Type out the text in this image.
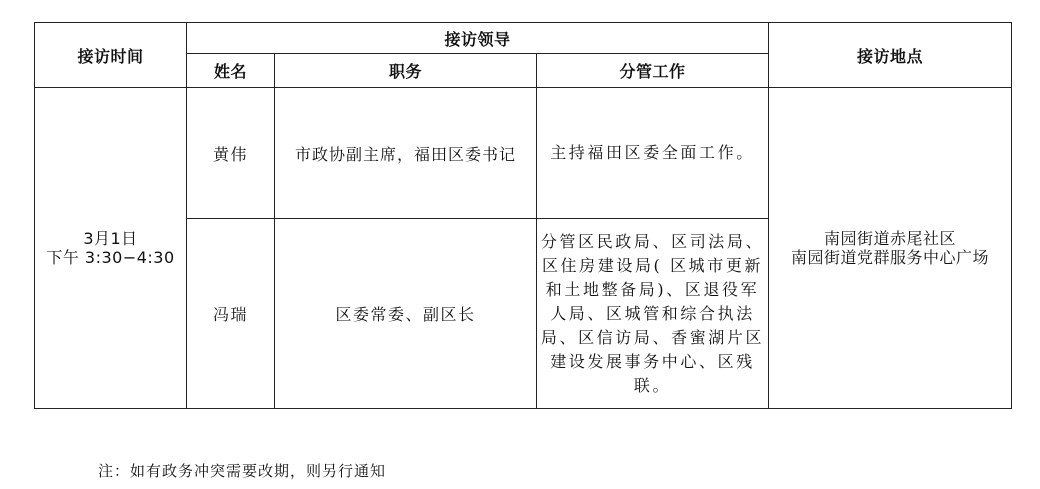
接访时间	接访领导			接访地点
	姓名	职务	分管工作	

3月1日
下午 3:30−4:30	黄伟	市政协副主席，福田区委书记	主持福田区委全面工作。	南园街道赤尾社区
南园街道党群服务中心广场

	冯瑞	区委常委、副区长	分管区民政局、区司法局、区住房建设局( 区城市更新和土地整备局)、区退役军人局、区城管和综合执法局、区信访局、香蜜湖片区建设发展事务中心、区残联。	
注：如有政务冲突需要改期，则另行通知
